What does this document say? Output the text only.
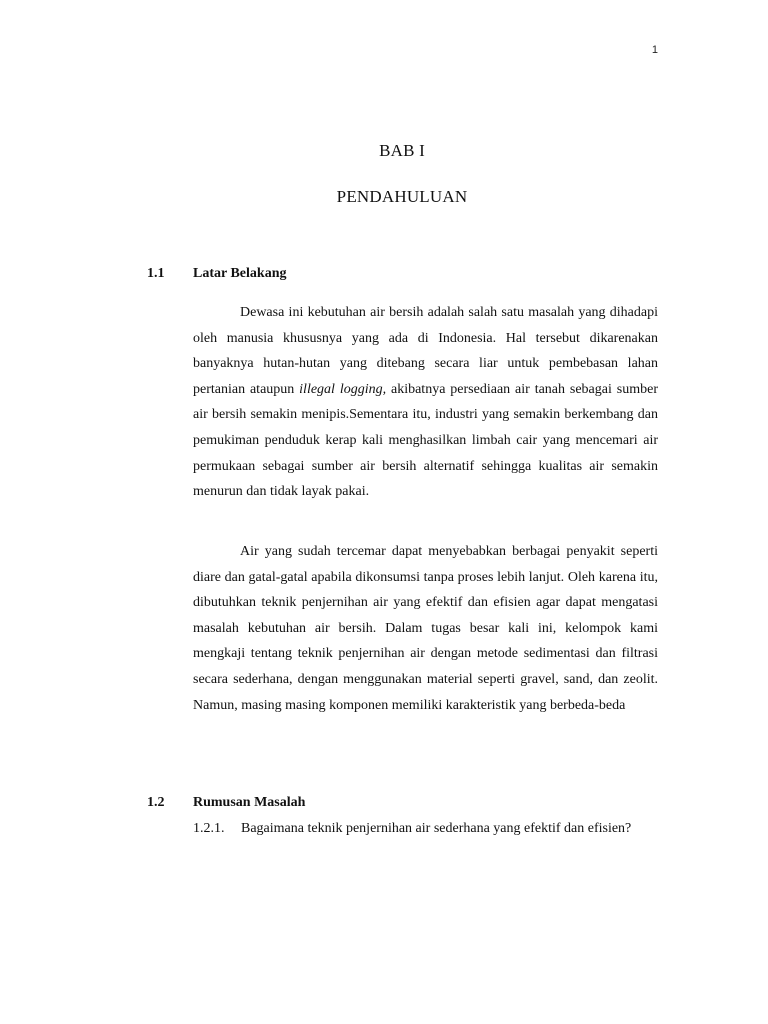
1
BAB I
PENDAHULUAN
1.1 Latar Belakang

Dewasa ini kebutuhan air bersih adalah salah satu masalah yang dihadapi oleh manusia khususnya yang ada di Indonesia. Hal tersebut dikarenakan banyaknya hutan-hutan yang ditebang secara liar untuk pembebasan lahan pertanian ataupun illegal logging, akibatnya persediaan air tanah sebagai sumber air bersih semakin menipis.Sementara itu, industri yang semakin berkembang dan pemukiman penduduk kerap kali menghasilkan limbah cair yang mencemari air permukaan sebagai sumber air bersih alternatif sehingga kualitas air semakin menurun dan tidak layak pakai.

Air yang sudah tercemar dapat menyebabkan berbagai penyakit seperti diare dan gatal-gatal apabila dikonsumsi tanpa proses lebih lanjut. Oleh karena itu, dibutuhkan teknik penjernihan air yang efektif dan efisien agar dapat mengatasi masalah kebutuhan air bersih. Dalam tugas besar kali ini, kelompok kami mengkaji tentang teknik penjernihan air dengan metode sedimentasi dan filtrasi secara sederhana, dengan menggunakan material seperti gravel, sand, dan zeolit. Namun, masing masing komponen memiliki karakteristik yang berbeda-beda

1.2 Rumusan Masalah
1.2.1.	Bagaimana teknik penjernihan air sederhana yang efektif dan efisien?
